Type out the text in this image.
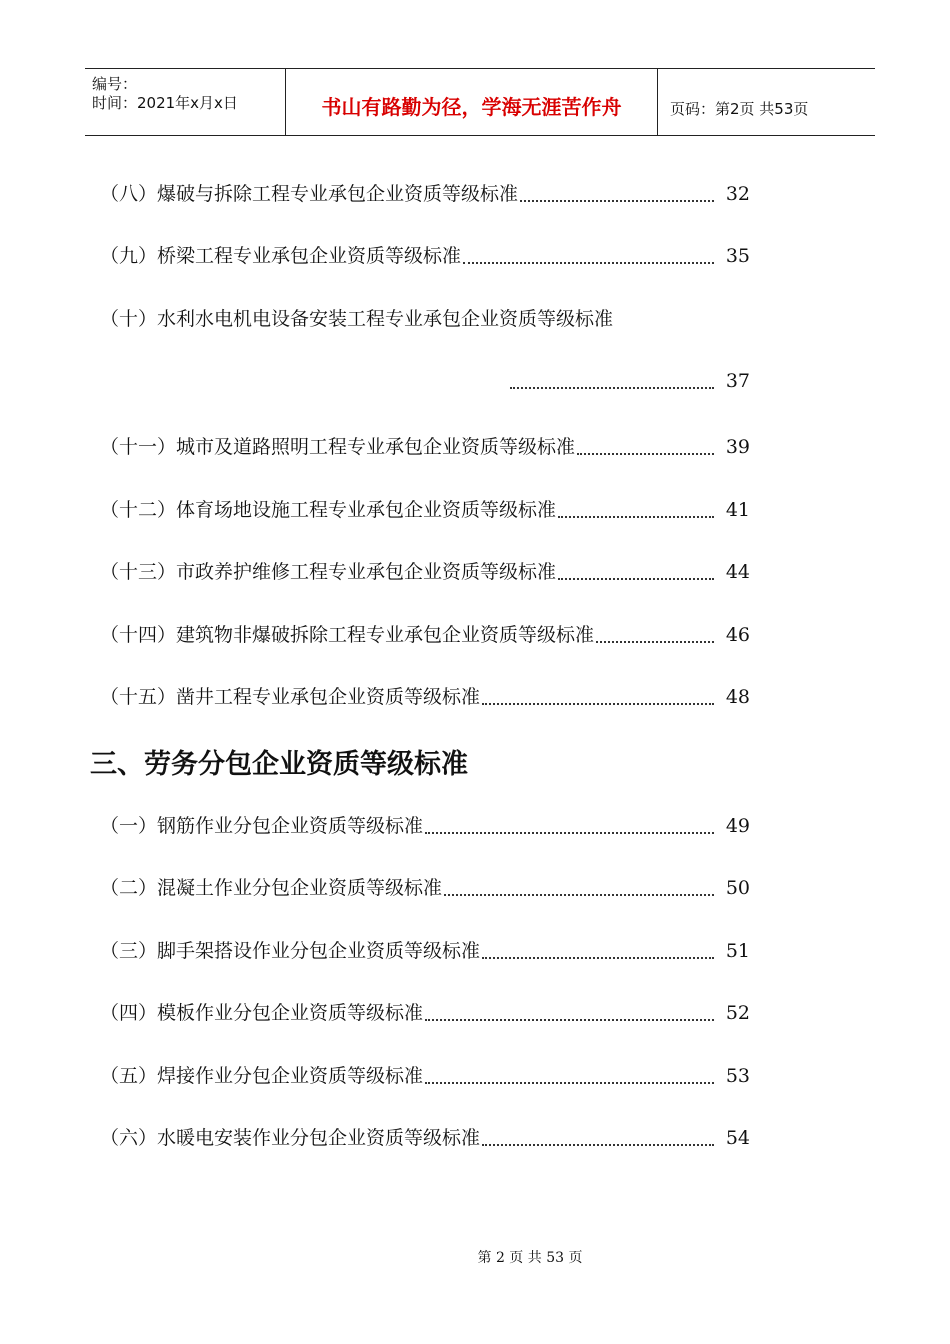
编号：
时间：2021年x月x日	书山有路勤为径，学海无涯苦作舟	页码：第2页 共53页
（八）爆破与拆除工程专业承包企业资质等级标准	32
（九）桥梁工程专业承包企业资质等级标准	35
（十）水利水电机电设备安装工程专业承包企业资质等级标准
37
（十一）城市及道路照明工程专业承包企业资质等级标准	39
（十二）体育场地设施工程专业承包企业资质等级标准	41
（十三）市政养护维修工程专业承包企业资质等级标准	44
（十四）建筑物非爆破拆除工程专业承包企业资质等级标准	46
（十五）凿井工程专业承包企业资质等级标准	48
三、劳务分包企业资质等级标准
（一）钢筋作业分包企业资质等级标准	49
（二）混凝土作业分包企业资质等级标准	50
（三）脚手架搭设作业分包企业资质等级标准	51
（四）模板作业分包企业资质等级标准	52
（五）焊接作业分包企业资质等级标准	53
（六）水暖电安装作业分包企业资质等级标准	54
第 2 页 共 53 页
